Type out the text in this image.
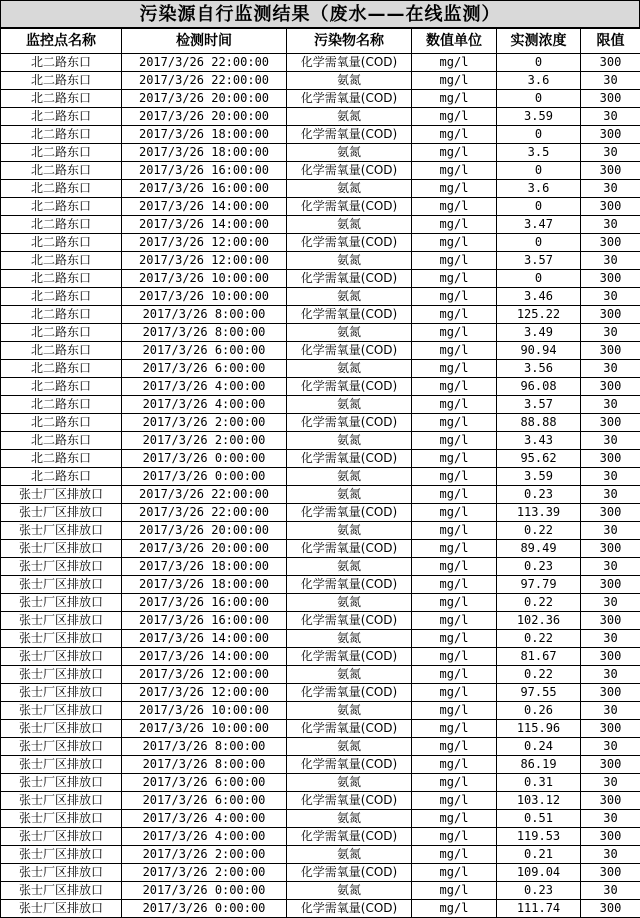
污染源自行监测结果（废水——在线监测）
监控点名称	检测时间	污染物名称	数值单位	实测浓度	限值
北二路东口	2017/3/26 22:00:00	化学需氧量(COD)	mg/l	0	300
北二路东口	2017/3/26 22:00:00	氨氮	mg/l	3.6	30
北二路东口	2017/3/26 20:00:00	化学需氧量(COD)	mg/l	0	300
北二路东口	2017/3/26 20:00:00	氨氮	mg/l	3.59	30
北二路东口	2017/3/26 18:00:00	化学需氧量(COD)	mg/l	0	300
北二路东口	2017/3/26 18:00:00	氨氮	mg/l	3.5	30
北二路东口	2017/3/26 16:00:00	化学需氧量(COD)	mg/l	0	300
北二路东口	2017/3/26 16:00:00	氨氮	mg/l	3.6	30
北二路东口	2017/3/26 14:00:00	化学需氧量(COD)	mg/l	0	300
北二路东口	2017/3/26 14:00:00	氨氮	mg/l	3.47	30
北二路东口	2017/3/26 12:00:00	化学需氧量(COD)	mg/l	0	300
北二路东口	2017/3/26 12:00:00	氨氮	mg/l	3.57	30
北二路东口	2017/3/26 10:00:00	化学需氧量(COD)	mg/l	0	300
北二路东口	2017/3/26 10:00:00	氨氮	mg/l	3.46	30
北二路东口	2017/3/26 8:00:00	化学需氧量(COD)	mg/l	125.22	300
北二路东口	2017/3/26 8:00:00	氨氮	mg/l	3.49	30
北二路东口	2017/3/26 6:00:00	化学需氧量(COD)	mg/l	90.94	300
北二路东口	2017/3/26 6:00:00	氨氮	mg/l	3.56	30
北二路东口	2017/3/26 4:00:00	化学需氧量(COD)	mg/l	96.08	300
北二路东口	2017/3/26 4:00:00	氨氮	mg/l	3.57	30
北二路东口	2017/3/26 2:00:00	化学需氧量(COD)	mg/l	88.88	300
北二路东口	2017/3/26 2:00:00	氨氮	mg/l	3.43	30
北二路东口	2017/3/26 0:00:00	化学需氧量(COD)	mg/l	95.62	300
北二路东口	2017/3/26 0:00:00	氨氮	mg/l	3.59	30
张士厂区排放口	2017/3/26 22:00:00	氨氮	mg/l	0.23	30
张士厂区排放口	2017/3/26 22:00:00	化学需氧量(COD)	mg/l	113.39	300
张士厂区排放口	2017/3/26 20:00:00	氨氮	mg/l	0.22	30
张士厂区排放口	2017/3/26 20:00:00	化学需氧量(COD)	mg/l	89.49	300
张士厂区排放口	2017/3/26 18:00:00	氨氮	mg/l	0.23	30
张士厂区排放口	2017/3/26 18:00:00	化学需氧量(COD)	mg/l	97.79	300
张士厂区排放口	2017/3/26 16:00:00	氨氮	mg/l	0.22	30
张士厂区排放口	2017/3/26 16:00:00	化学需氧量(COD)	mg/l	102.36	300
张士厂区排放口	2017/3/26 14:00:00	氨氮	mg/l	0.22	30
张士厂区排放口	2017/3/26 14:00:00	化学需氧量(COD)	mg/l	81.67	300
张士厂区排放口	2017/3/26 12:00:00	氨氮	mg/l	0.22	30
张士厂区排放口	2017/3/26 12:00:00	化学需氧量(COD)	mg/l	97.55	300
张士厂区排放口	2017/3/26 10:00:00	氨氮	mg/l	0.26	30
张士厂区排放口	2017/3/26 10:00:00	化学需氧量(COD)	mg/l	115.96	300
张士厂区排放口	2017/3/26 8:00:00	氨氮	mg/l	0.24	30
张士厂区排放口	2017/3/26 8:00:00	化学需氧量(COD)	mg/l	86.19	300
张士厂区排放口	2017/3/26 6:00:00	氨氮	mg/l	0.31	30
张士厂区排放口	2017/3/26 6:00:00	化学需氧量(COD)	mg/l	103.12	300
张士厂区排放口	2017/3/26 4:00:00	氨氮	mg/l	0.51	30
张士厂区排放口	2017/3/26 4:00:00	化学需氧量(COD)	mg/l	119.53	300
张士厂区排放口	2017/3/26 2:00:00	氨氮	mg/l	0.21	30
张士厂区排放口	2017/3/26 2:00:00	化学需氧量(COD)	mg/l	109.04	300
张士厂区排放口	2017/3/26 0:00:00	氨氮	mg/l	0.23	30
张士厂区排放口	2017/3/26 0:00:00	化学需氧量(COD)	mg/l	111.74	300
